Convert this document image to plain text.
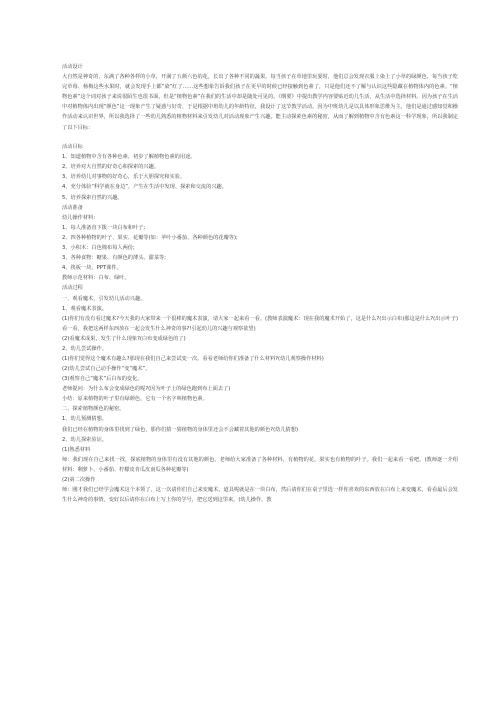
活动设计
大自然是神奇的，东满了各种各样的小草，开满了五颜六色的花，长出了各种不同的蔬果。每当孩子在草地里玩耍时，他们总会发现衣服上染上了小草的绿颜色，每当孩子吃完草莓、杨梅这些水果时，就会发现手上都“染”红了……这些想象告诉我们孩子在更早的时候已经接触到色素了，只是他们还不了解与认识这些隐藏在植物体内的色素。“植物色素”这个词对孩子来说很陌生也很书面，但是“植物色素”在我们的生活中却是随处可见的。《纲要》中提出教学内容要贴近幼儿生活，从生活中选择材料。因为孩子在生活中对植物体内出现“颜色”这一现象产生了疑惑与好奇，于是根据中班幼儿的年龄特征，我设计了这节教学活动。因为中班幼儿是以具体形象思维为主，他们是通过感知觉和操作活动来认识世界，所以我选择了一些幼儿熟悉的植物材料来引发幼儿对活动现象产生兴趣，能主动探索色素的秘密，从而了解到植物中含有色素这一科学现象，所以我制定了以下目标：
活动目标
1、知道植物中含有各种色素，初步了解植物色素的用途。
2、培养对大自然的好奇心和探索的兴趣。
3、培养幼儿对事物的好奇心，乐于大胆探究和实验。
4、充分体验“科学就在身边”，产生在生活中发现、探索和交流的兴趣。
5、培养探索自然的兴趣。
活动准备
幼儿操作材料：
1、每人准备直下拨一块白布和叶子;
2、四各种植物的叶子、果实、花瓣等(如：苹叶小番茄、各种颜色的花瓣等);
3、小积木：白色棉布每人两份;
3、各种食物：糖果、有颜色的薄头、甜菜等;
4、筷板一块、PPT课件。
教师示范材料：白布、绿叶。
活动过程
一、观看魔术，引发幼儿活动兴趣。
1、观看魔术表演。
(1)你们有没有看过魔术?今天我的大家带来一个很棒的魔术表演，请大家一起来看一看。(教师表演魔术：现在我的魔术开始了，这是什么?(出示白布)那这是什么?(出示叶子)看一看，我把这两样东西放在一起会发生什么神奇的事?!引起幼儿的兴趣与观察欲望)
(2)看魔术成果，发生了什么现象?(白布变成绿色的了)
2、幼儿尝试操作。
(1)你们觉得这个魔术有趣么?那现在我们自己来尝试变一次。看看老师给你们准备了什么材料?(幼儿观察操作材料)
(2)幼儿尝试自己动手操作“变”魔术”。
(3)观察自己“魔术”后白布的变化。
老师提问：为什么布会变成绿色的呢?(因为叶子上的绿色跑到布上面去了)
小结：原来植物的叶子里有绿颜色，它有一个名字叫植物色素。
二、探索植物颜色的秘密。
1、幼儿预测猜想。
我们已经在植物的身体里找到了绿色，那你们猜一猜植物的身体里还会不会藏着其他的颜色?(幼儿猜想)
2、幼儿探索验证。
(1)熟悉材料
师：我们现在自己来找一找，探底植物的身体里有没有其他的颜色。老师给大家准备了各种材料，有植物的花，果实也有植物的叶子。我们一起来看一看吧。(教师逐一介绍材料：剩萝卜、小番茄、柠檬皮肯瓜皮南瓜各种花瓣等)
(2)第二次操作
师：刚才我们已经学会魔术这个本领了，这一次请你们自己来变魔术，道具呢就是在一块白布，然后请你们在桌子里选一样你喜欢的东西放在白布上来变魔术，看看最后会发生什么神奇的事情。变好以后请你在白布上写上你的学号，把它送到这里来。(幼儿操作，教
